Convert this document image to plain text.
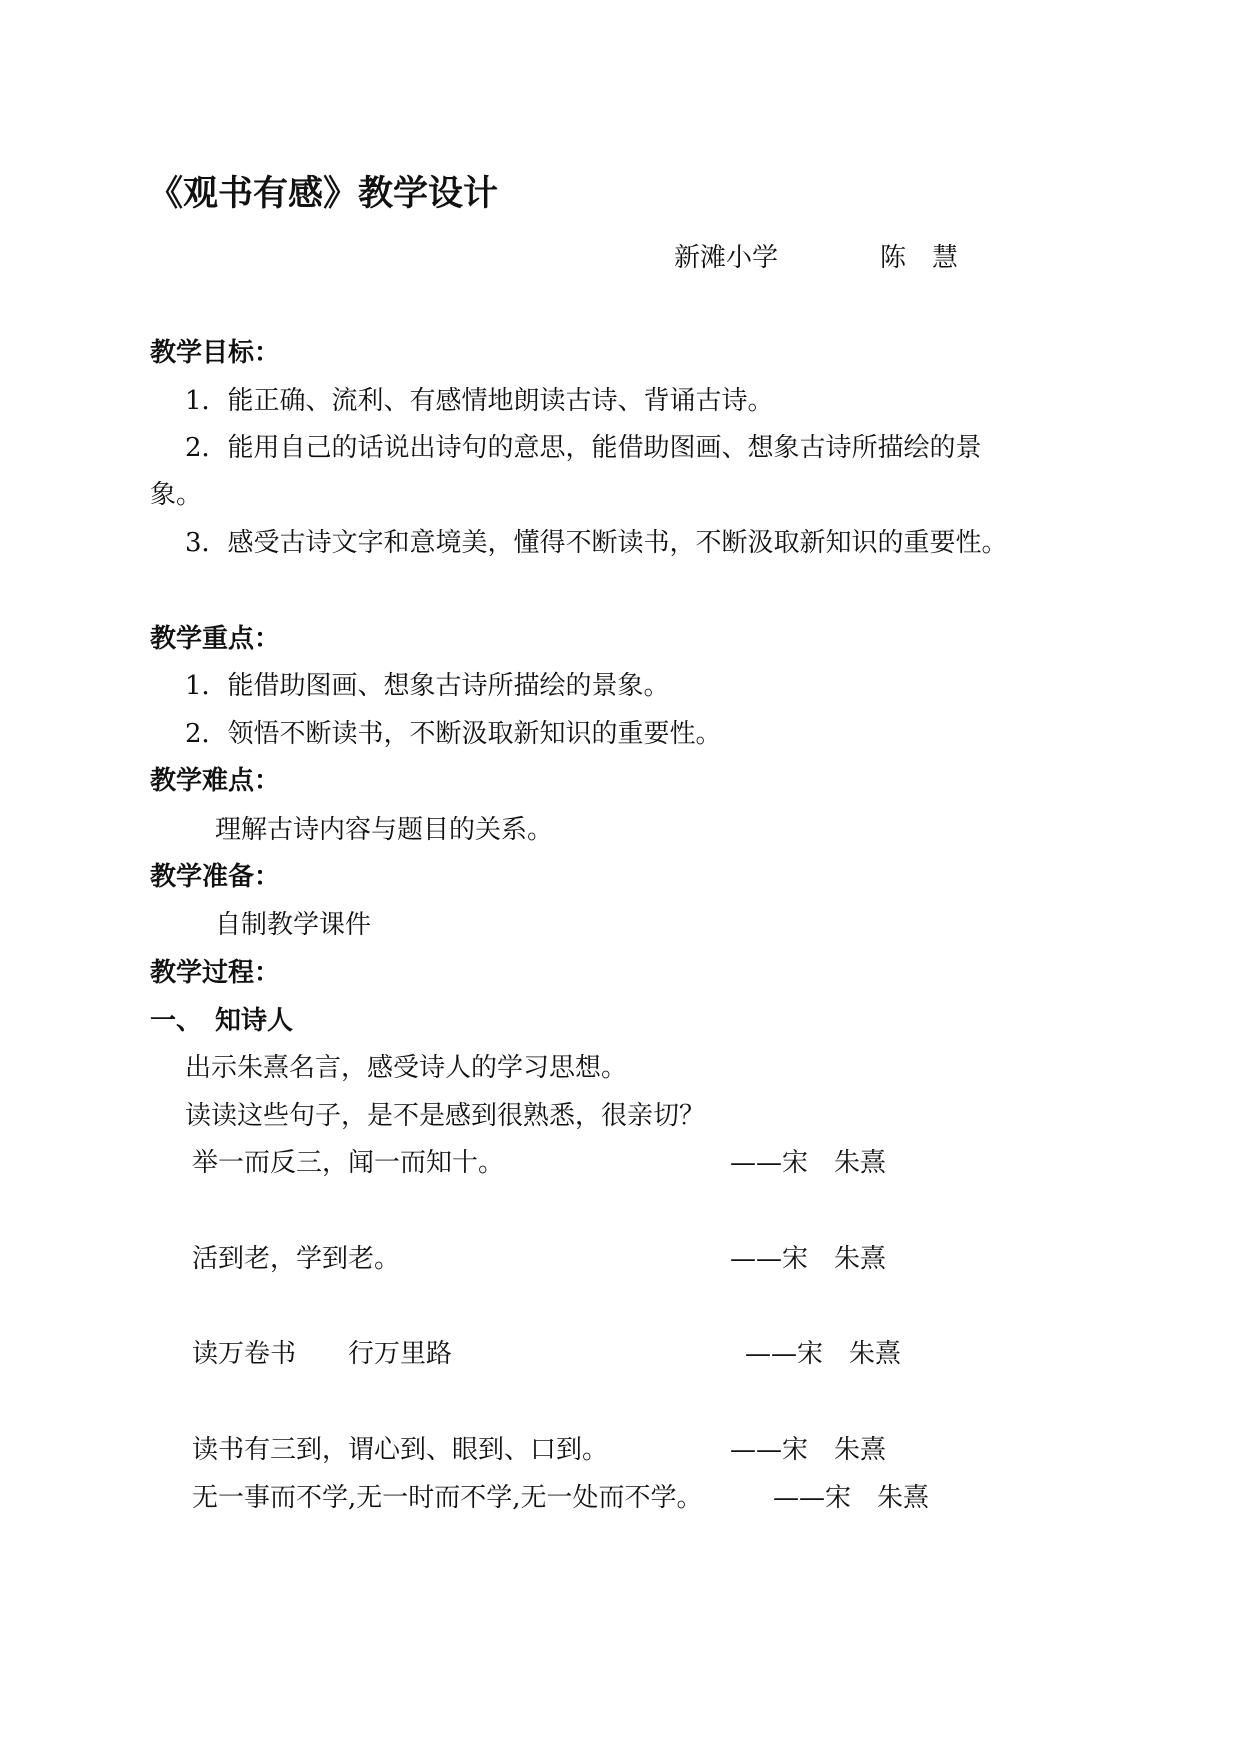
《观书有感》教学设计
新滩小学	陈　慧
教学目标：
1．能正确、流利、有感情地朗读古诗、背诵古诗。
2．能用自己的话说出诗句的意思，能借助图画、想象古诗所描绘的景
象。
3．感受古诗文字和意境美，懂得不断读书，不断汲取新知识的重要性。
教学重点：
1．能借助图画、想象古诗所描绘的景象。
2．领悟不断读书，不断汲取新知识的重要性。
教学难点：
理解古诗内容与题目的关系。
教学准备：
自制教学课件
教学过程：
一、　知诗人
出示朱熹名言，感受诗人的学习思想。
读读这些句子，是不是感到很熟悉，很亲切？
举一而反三，闻一而知十。	——宋　朱熹
活到老，学到老。	——宋　朱熹
读万卷书　　行万里路	——宋　朱熹
读书有三到，谓心到、眼到、口到。	——宋　朱熹
无一事而不学,无一时而不学,无一处而不学。	——宋　朱熹
